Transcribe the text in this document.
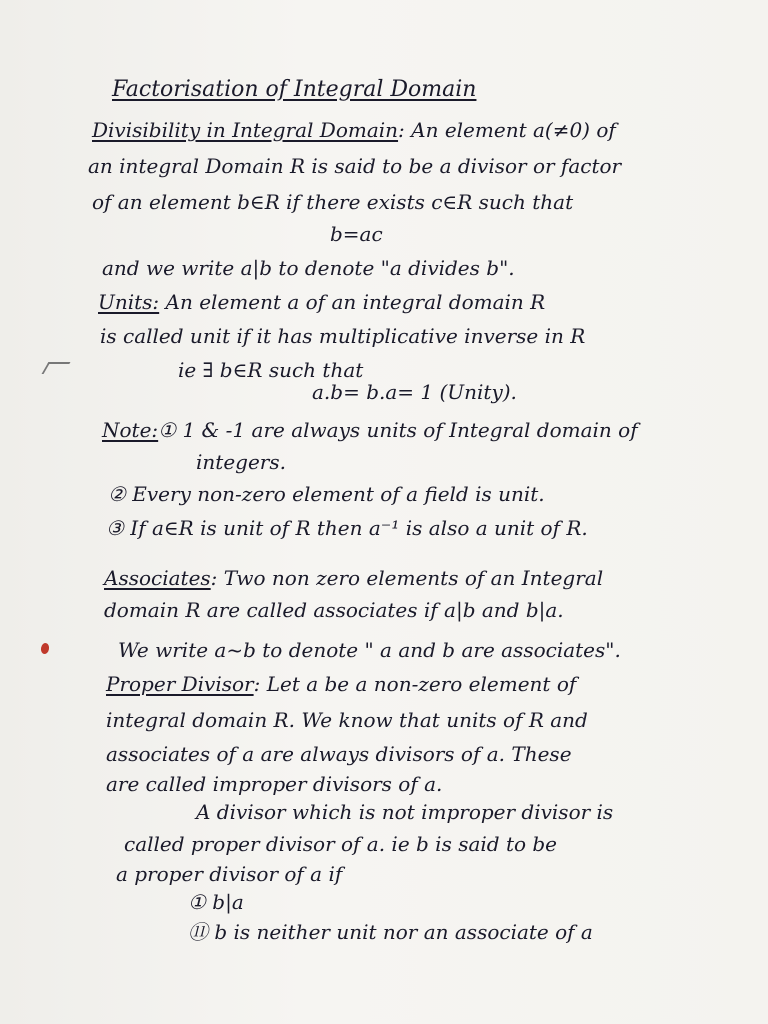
Factorisation of Integral Domain
Divisibility in Integral Domain: An element a(≠0) of
an integral Domain R is said to be a divisor or factor
of an element b∈R if there exists c∈R such that
b=ac
and we write a|b to denote "a divides b".
Units: An element a of an integral domain R
is called unit if it has multiplicative inverse in R
ie ∃ b∈R such that
a.b= b.a= 1 (Unity).
Note:① 1 & -1 are always units of Integral domain of
integers.
② Every non-zero element of a field is unit.
③ If a∈R is unit of R then a⁻¹ is also a unit of R.
Associates: Two non zero elements of an Integral
domain R are called associates if a|b and b|a.
We write a~b to denote " a and b are associates".
Proper Divisor: Let a be a non-zero element of
integral domain R. We know that units of R and
associates of a are always divisors of a. These
are called improper divisors of a.
A divisor which is not improper divisor is
called proper divisor of a. ie b is said to be
a proper divisor of a if
① b|a
⑪ b is neither unit nor an associate of a
